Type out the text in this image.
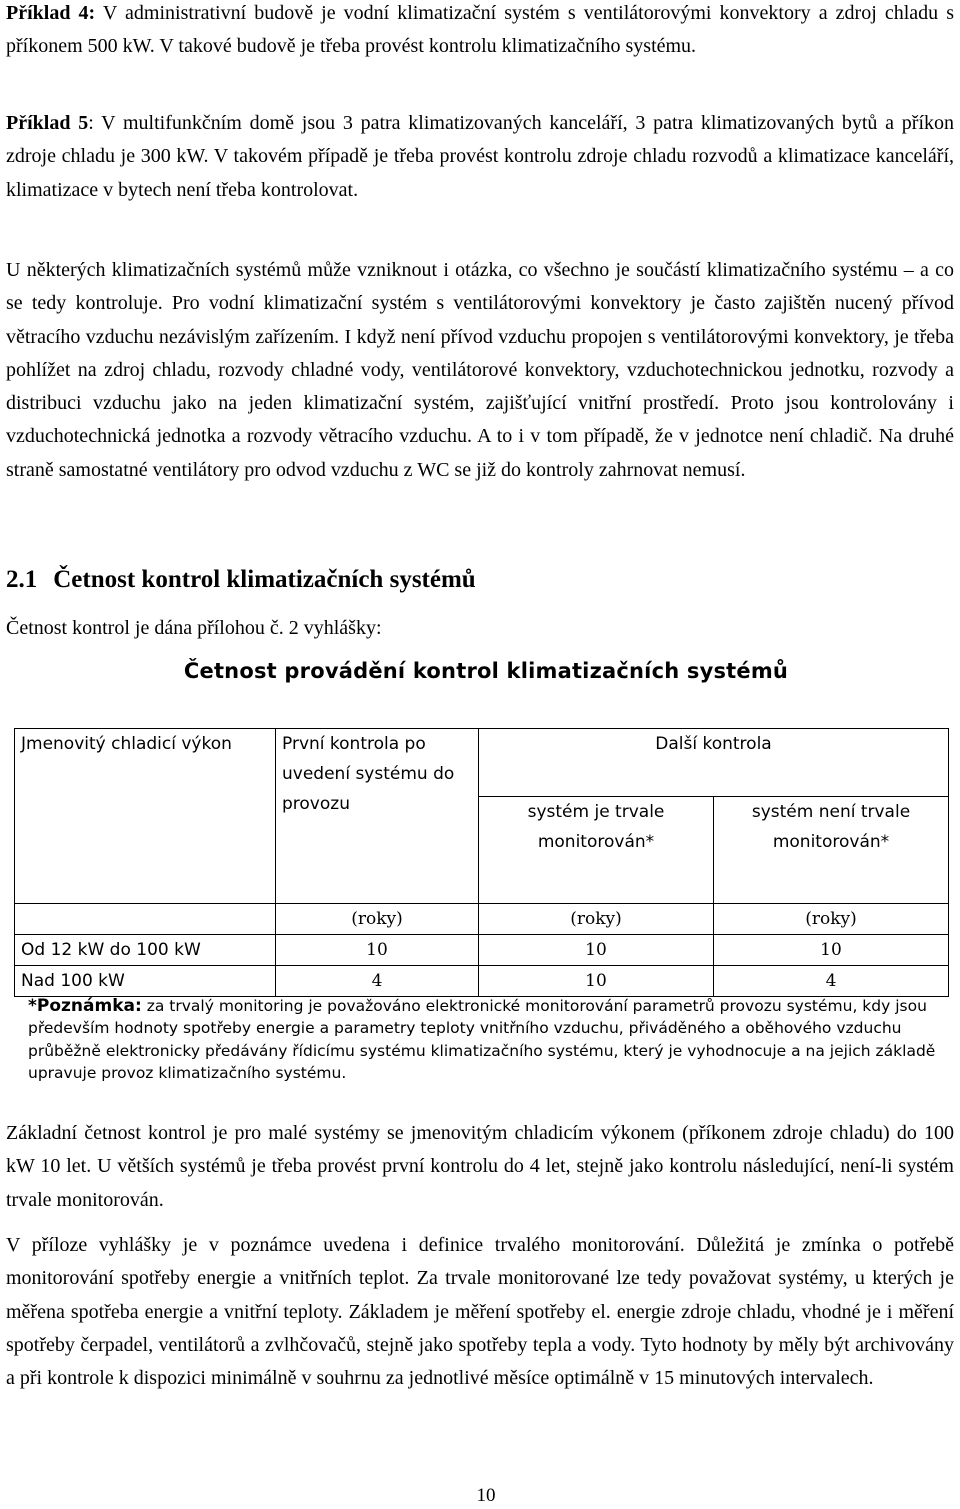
Příklad 4: V administrativní budově je vodní klimatizační systém s ventilátorovými konvektory a zdroj chladu s příkonem 500 kW. V takové budově je třeba provést kontrolu klimatizačního systému.

Příklad 5: V multifunkčním domě jsou 3 patra klimatizovaných kanceláří, 3 patra klimatizovaných bytů a příkon zdroje chladu je 300 kW. V takovém případě je třeba provést kontrolu zdroje chladu rozvodů a klimatizace kanceláří, klimatizace v bytech není třeba kontrolovat.

U některých klimatizačních systémů může vzniknout i otázka, co všechno je součástí klimatizačního systému – a co se tedy kontroluje. Pro vodní klimatizační systém s ventilátorovými konvektory je často zajištěn nucený přívod větracího vzduchu nezávislým zařízením. I když není přívod vzduchu propojen s ventilátorovými konvektory, je třeba pohlížet na zdroj chladu, rozvody chladné vody, ventilátorové konvektory, vzduchotechnickou jednotku, rozvody a distribuci vzduchu jako na jeden klimatizační systém, zajišťující vnitřní prostředí. Proto jsou kontrolovány i vzduchotechnická jednotka a rozvody větracího vzduchu. A to i v tom případě, že v jednotce není chladič. Na druhé straně samostatné ventilátory pro odvod vzduchu z WC se již do kontroly zahrnovat nemusí.

2.1 Četnost kontrol klimatizačních systémů

Četnost kontrol je dána přílohou č. 2 vyhlášky:

Četnost provádění kontrol klimatizačních systémů
Jmenovitý chladicí výkon	První kontrola po uvedení systému do provozu	Další kontrola	
		systém je trvale monitorován*	systém není trvale monitorován*
	(roky)	(roky)	(roky)
Od 12 kW do 100 kW	10	10	10
Nad 100 kW	4	10	4
*Poznámka: za trvalý monitoring je považováno elektronické monitorování parametrů provozu systému, kdy jsou především hodnoty spotřeby energie a parametry teploty vnitřního vzduchu, přiváděného a oběhového vzduchu průběžně elektronicky předávány řídicímu systému klimatizačního systému, který je vyhodnocuje a na jejich základě upravuje provoz klimatizačního systému.

Základní četnost kontrol je pro malé systémy se jmenovitým chladicím výkonem (příkonem zdroje chladu) do 100 kW 10 let. U větších systémů je třeba provést první kontrolu do 4 let, stejně jako kontrolu následující, není-li systém trvale monitorován.

V příloze vyhlášky je v poznámce uvedena i definice trvalého monitorování. Důležitá je zmínka o potřebě monitorování spotřeby energie a vnitřních teplot. Za trvale monitorované lze tedy považovat systémy, u kterých je měřena spotřeba energie a vnitřní teploty. Základem je měření spotřeby el. energie zdroje chladu, vhodné je i měření spotřeby čerpadel, ventilátorů a zvlhčovačů, stejně jako spotřeby tepla a vody. Tyto hodnoty by měly být archivovány a při kontrole k dispozici minimálně v souhrnu za jednotlivé měsíce optimálně v 15 minutových intervalech.

10
